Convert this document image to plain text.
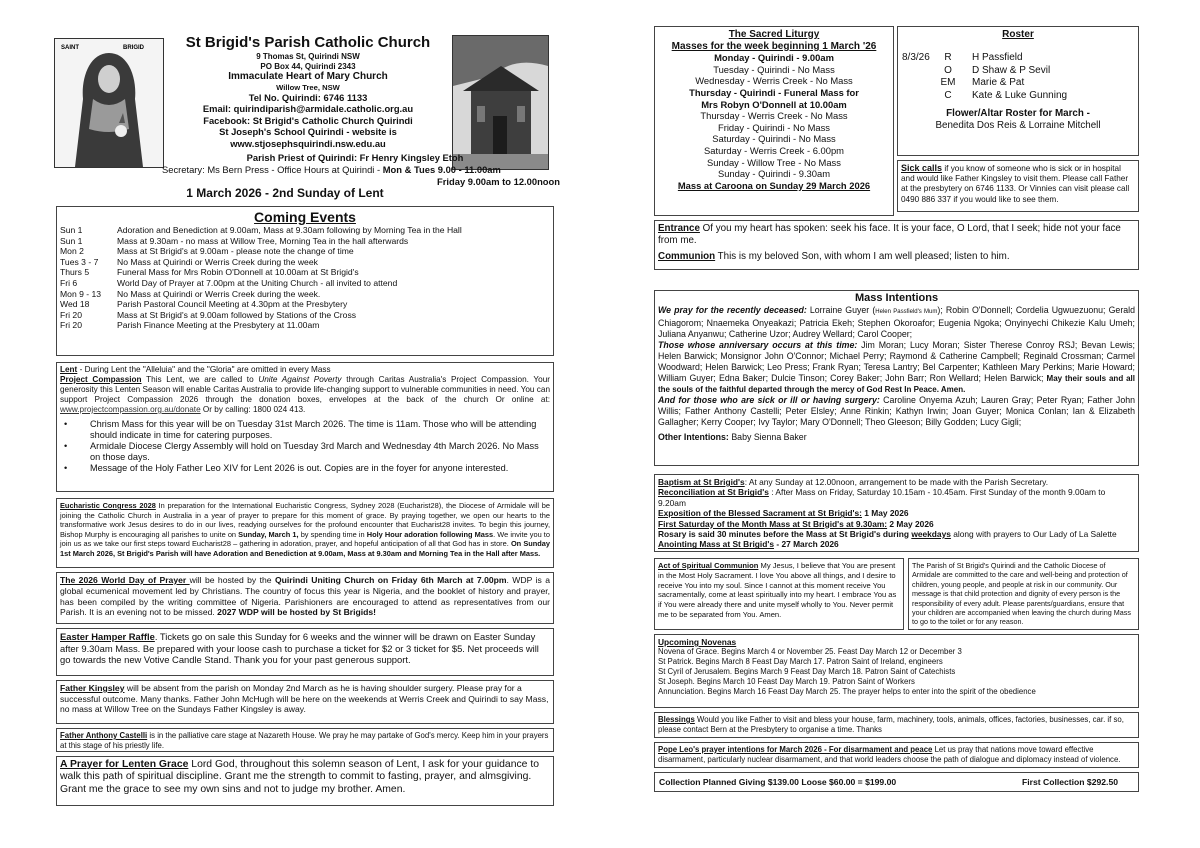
SAINT	BRIGID	St Brigid's Parish Catholic Church
9 Thomas St, Quirindi NSW
PO Box 44, Quirindi 2343
Immaculate Heart of Mary Church
Willow Tree, NSW
Tel No. Quirindi: 6746 1133
Email: quirindiparish@armidale.catholic.org.au
Facebook: St Brigid's Catholic Church Quirindi
St Joseph's School Quirindi - website is
www.stjosephsquirindi.nsw.edu.au
Parish Priest of Quirindi: Fr Henry Kingsley Etoh
Secretary: Ms Bern Press - Office Hours at Quirindi - Mon & Tues 9.00 - 11.00am
Friday 9.00am to 12.00noon
1 March 2026 - 2nd Sunday of Lent
Coming Events
Sun 1	Adoration and Benediction at 9.00am, Mass at 9.30am following by Morning Tea in the Hall
Sun 1	Mass at 9.30am - no mass at Willow Tree, Morning Tea in the hall afterwards
Mon 2	Mass at St Brigid's at 9.00am - please note the change of time
Tues 3 - 7	No Mass at Quirindi or Werris Creek during the week
Thurs 5	Funeral Mass for Mrs Robin O'Donnell at 10.00am at St Brigid's
Fri 6	World Day of Prayer at 7.00pm at the Uniting Church - all invited to attend
Mon 9 - 13	No Mass at Quirindi or Werris Creek during the week.
Wed 18	Parish Pastoral Council Meeting at 4.30pm at the Presbytery
Fri 20	Mass at St Brigid's at 9.00am followed by Stations of the Cross
Fri 20	Parish Finance Meeting at the Presbytery at 11.00am
Lent - During Lent the "Alleluia" and the "Gloria" are omitted in every Mass
Project Compassion This Lent, we are called to Unite Against Poverty through Caritas Australia's Project Compassion. Your generosity this Lenten Season will enable Caritas Australia to provide life-changing support to vulnerable communities in need. You can support Project Compassion 2026 through the donation boxes, envelopes at the back of the church Or online at: www.projectcompassion.org.au/donate Or by calling: 1800 024 413.
• Chrism Mass for this year will be on Tuesday 31st March 2026. The time is 11am. Those who will be attending should indicate in time for catering purposes.
• Armidale Diocese Clergy Assembly will hold on Tuesday 3rd March and Wednesday 4th March 2026. No Mass on those days.
• Message of the Holy Father Leo XIV for Lent 2026 is out. Copies are in the foyer for anyone interested.
Eucharistic Congress 2028 In preparation for the International Eucharistic Congress, Sydney 2028 (Eucharist28), the Diocese of Armidale will be joining the Catholic Church in Australia in a year of prayer to prepare for this moment of grace. By praying together, we open our hearts to the transformative work Jesus desires to do in our lives, readying ourselves for the profound encounter that Eucharist28 invites. To begin this journey, Bishop Murphy is encouraging all parishes to unite on Sunday, March 1, by spending time in Holy Hour adoration following Mass. We invite you to join us as we take our first steps toward Eucharist28 – gathering in adoration, prayer, and hopeful anticipation of all that God has in store. On Sunday 1st March 2026, St Brigid's Parish will have Adoration and Benediction at 9.00am, Mass at 9.30am and Morning Tea in the Hall after Mass.
The 2026 World Day of Prayer will be hosted by the Quirindi Uniting Church on Friday 6th March at 7.00pm. WDP is a global ecumenical movement led by Christians. The country of focus this year is Nigeria, and the booklet of history and prayer, has been compiled by the writing committee of Nigeria. Parishioners are encouraged to attend as representatives from our Parish. It is an evening not to be missed. 2027 WDP will be hosted by St Brigids!
Easter Hamper Raffle. Tickets go on sale this Sunday for 6 weeks and the winner will be drawn on Easter Sunday after 9.30am Mass. Be prepared with your loose cash to purchase a ticket for $2 or 3 ticket for $5. Net proceeds will go towards the new Votive Candle Stand. Thank you for your past generous support.
Father Kingsley will be absent from the parish on Monday 2nd March as he is having shoulder surgery. Please pray for a successful outcome. Many thanks. Father John McHugh will be here on the weekends at Werris Creek and Quirindi to say Mass, no mass at Willow Tree on the Sundays Father Kingsley is away.
Father Anthony Castelli is in the palliative care stage at Nazareth House. We pray he may partake of God's mercy. Keep him in your prayers at this stage of his priestly life.
A Prayer for Lenten Grace Lord God, throughout this solemn season of Lent, I ask for your guidance to walk this path of spiritual discipline. Grant me the strength to commit to fasting, prayer, and almsgiving. Grant me the grace to see my own sins and not to judge my brother. Amen.
The Sacred Liturgy
Masses for the week beginning 1 March '26
Monday - Quirindi - 9.00am
Tuesday - Quirindi - No Mass
Wednesday - Werris Creek - No Mass
Thursday - Quirindi - Funeral Mass for
Mrs Robyn O'Donnell at 10.00am
Thursday - Werris Creek - No Mass
Friday - Quirindi - No Mass
Saturday - Quirindi - No Mass
Saturday - Werris Creek - 6.00pm
Sunday - Willow Tree - No Mass
Sunday - Quirindi - 9.30am
Mass at Caroona on Sunday 29 March 2026
Roster
8/3/26	R	H Passfield
O	D Shaw & P Sevil
EM	Marie & Pat
C	Kate & Luke Gunning
Flower/Altar Roster for March -
Benedita Dos Reis & Lorraine Mitchell
Sick calls if you know of someone who is sick or in hospital and would like Father Kingsley to visit them. Please call Father at the presbytery on 6746 1133. Or Vinnies can visit please call 0490 886 337 if you would like to see them.
Entrance Of you my heart has spoken: seek his face. It is your face, O Lord, that I seek; hide not your face from me.
Communion This is my beloved Son, with whom I am well pleased; listen to him.
Mass Intentions
We pray for the recently deceased: Lorraine Guyer (Helen Passfield's Mum); Robin O'Donnell; Cordelia Ugwuezuonu; Gerald Chiagorom; Nnaemeka Onyeakazi; Patricia Ekeh; Stephen Okoroafor; Eugenia Ngoka; Onyinyechi Chikezie Kalu Umeh; Juliana Anyanwu; Catherine Uzor; Audrey Wellard; Carol Cooper;
Those whose anniversary occurs at this time: Jim Moran; Lucy Moran; Sister Therese Conroy RSJ; Bevan Lewis; Helen Barwick; Monsignor John O'Connor; Michael Perry; Raymond & Catherine Campbell; Reginald Crossman; Carmel Woodward; Helen Barwick; Leo Press; Frank Ryan; Teresa Lantry; Bel Carpenter; Kathleen Mary Perkins; Marie Howard; William Guyer; Edna Baker; Dulcie Tinson; Corey Baker; John Barr; Ron Wellard; Helen Barwick; May their souls and all the souls of the faithful departed through the mercy of God Rest In Peace. Amen.
And for those who are sick or ill or having surgery: Caroline Onyema Azuh; Lauren Gray; Peter Ryan; Father John Willis; Father Anthony Castelli; Peter Elsley; Anne Rinkin; Kathyn Irwin; Joan Guyer; Monica Conlan; Ian & Elizabeth Gallagher; Kerry Cooper; Ivy Taylor; Mary O'Donnell; Theo Gleeson; Billy Godden; Lucy Gigli;
Other Intentions: Baby Sienna Baker
Baptism at St Brigid's: At any Sunday at 12.00noon, arrangement to be made with the Parish Secretary.
Reconciliation at St Brigid's : After Mass on Friday, Saturday 10.15am - 10.45am. First Sunday of the month 9.00am to 9.20am
Exposition of the Blessed Sacrament at St Brigid's: 1 May 2026
First Saturday of the Month Mass at St Brigid's at 9.30am: 2 May 2026
Rosary is said 30 minutes before the Mass at St Brigid's during weekdays along with prayers to Our Lady of La Salette
Anointing Mass at St Brigid's - 27 March 2026
Act of Spiritual Communion My Jesus, I believe that You are present in the Most Holy Sacrament. I love You above all things, and I desire to receive You into my soul. Since I cannot at this moment receive You sacramentally, come at least spiritually into my heart. I embrace You as if You were already there and unite myself wholly to You. Never permit me to be separated from You. Amen.
The Parish of St Brigid's Quirindi and the Catholic Diocese of Armidale are committed to the care and well-being and protection of children, young people, and people at risk in our community. Our message is that child protection and dignity of every person is the responsibility of every adult. Please parents/guardians, ensure that your children are accompanied when leaving the church during Mass to go to the toilet or for any reason.
Upcoming Novenas
Novena of Grace. Begins March 4 or November 25. Feast Day March 12 or December 3
St Patrick. Begins March 8 Feast Day March 17. Patron Saint of Ireland, engineers
St Cyril of Jerusalem. Begins March 9 Feast Day March 18. Patron Saint of Catechists
St Joseph. Begins March 10 Feast Day March 19. Patron Saint of Workers
Annunciation. Begins March 16 Feast Day March 25. The prayer helps to enter into the spirit of the obedience
Blessings Would you like Father to visit and bless your house, farm, machinery, tools, animals, offices, factories, businesses, car. if so, please contact Bern at the Presbytery to organise a time. Thanks
Pope Leo's prayer intentions for March 2026 - For disarmament and peace Let us pray that nations move toward effective disarmament, particularly nuclear disarmament, and that world leaders choose the path of dialogue and diplomacy instead of violence.
Collection Planned Giving $139.00 Loose $60.00 = $199.00	First Collection $292.50
